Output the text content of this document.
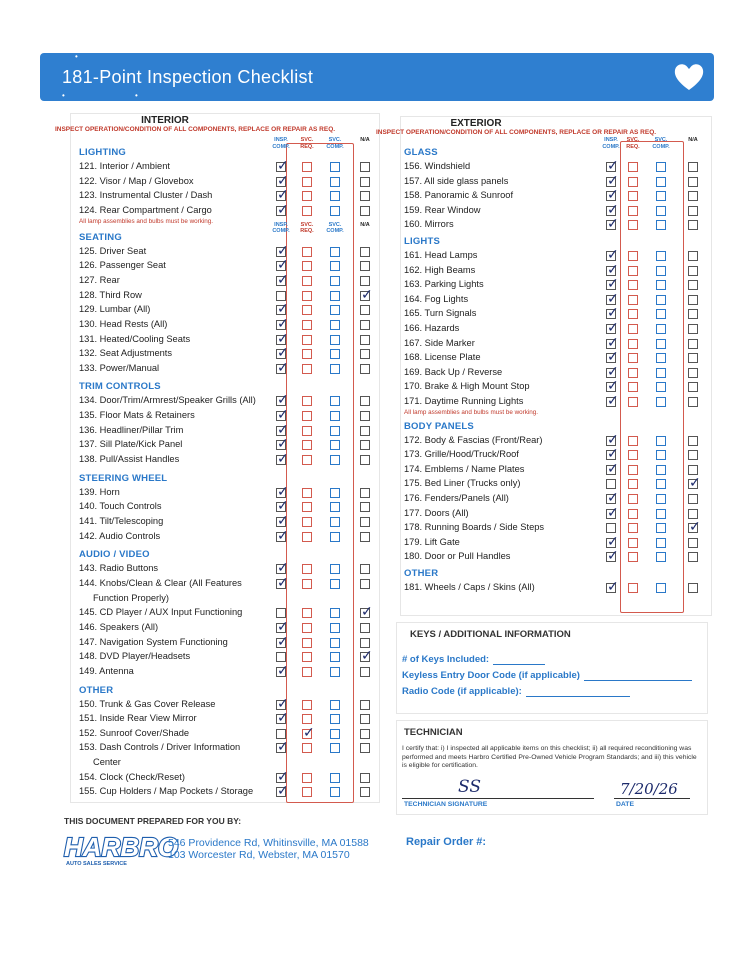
•
•	•
181-Point Inspection Checklist
INTERIOR
INSPECT OPERATION/CONDITION OF ALL COMPONENTS, REPLACE OR REPAIR AS REQ.
LIGHTING
INSP. COMP.
SVC. REQ.
SVC. COMP.
N/A
121. Interior / Ambient
✓
122. Visor / Map / Glovebox
✓
123. Instrumental Cluster / Dash
✓
124. Rear Compartment / Cargo
✓
All lamp assemblies and bulbs must be working.
SEATING
INSP. COMP.
SVC. REQ.
SVC. COMP.
N/A
125. Driver Seat
✓
126. Passenger Seat
✓
127. Rear
✓
128. Third Row
✓
129. Lumbar (All)
✓
130. Head Rests (All)
✓
131. Heated/Cooling Seats
✓
132. Seat Adjustments
✓
133. Power/Manual
✓
TRIM CONTROLS
134. Door/Trim/Armrest/Speaker Grills (All)
✓
135. Floor Mats & Retainers
✓
136. Headliner/Pillar Trim
✓
137. Sill Plate/Kick Panel
✓
138. Pull/Assist Handles
✓
STEERING WHEEL
139. Horn
✓
140. Touch Controls
✓
141. Tilt/Telescoping
✓
142. Audio Controls
✓
AUDIO / VIDEO
143. Radio Buttons
✓
144. Knobs/Clean & Clear (All Features
✓
Function Properly)
145. CD Player / AUX Input Functioning
✓
146. Speakers (All)
✓
147. Navigation System Functioning
✓
148. DVD Player/Headsets
✓
149. Antenna
✓
OTHER
150. Trunk & Gas Cover Release
✓
151. Inside Rear View Mirror
✓
152. Sunroof Cover/Shade
✓
153. Dash Controls / Driver Information
✓
Center
154. Clock (Check/Reset)
✓
155. Cup Holders / Map Pockets / Storage
✓
EXTERIOR
INSPECT OPERATION/CONDITION OF ALL COMPONENTS, REPLACE OR REPAIR AS REQ.
GLASS
INSP. COMP.
SVC. REQ.
SVC. COMP.
N/A
156. Windshield
✓
157. All side glass panels
✓
158. Panoramic & Sunroof
✓
159. Rear Window
✓
160. Mirrors
✓
LIGHTS
161. Head Lamps
✓
162. High Beams
✓
163. Parking Lights
✓
164. Fog Lights
✓
165. Turn Signals
✓
166. Hazards
✓
167. Side Marker
✓
168. License Plate
✓
169. Back Up / Reverse
✓
170. Brake & High Mount Stop
✓
171. Daytime Running Lights
✓
All lamp assemblies and bulbs must be working.
BODY PANELS
172. Body & Fascias (Front/Rear)
✓
173. Grille/Hood/Truck/Roof
✓
174. Emblems / Name Plates
✓
175. Bed Liner (Trucks only)
✓
176. Fenders/Panels (All)
✓
177. Doors (All)
✓
178. Running Boards / Side Steps
✓
179. Lift Gate
✓
180. Door or Pull Handles
✓
OTHER
181. Wheels / Caps / Skins (All)
✓
KEYS / ADDITIONAL INFORMATION
# of Keys Included:
Keyless Entry Door Code (if applicable)
Radio Code (if applicable):
TECHNICIAN
I certify that: i) I inspected all applicable items on this checklist; ii) all required reconditioning was performed and meets Harbro Certified Pre-Owned Vehicle Program Standards; and iii) this vehicle is eligible for certification.
SS
TECHNICIAN SIGNATURE
7/20/26
DATE
THIS DOCUMENT PREPARED FOR YOU BY:
HARBRO
AUTO SALES SERVICE
546 Providence Rd, Whitinsville, MA 01588
103 Worcester Rd, Webster, MA 01570
Repair Order #:
